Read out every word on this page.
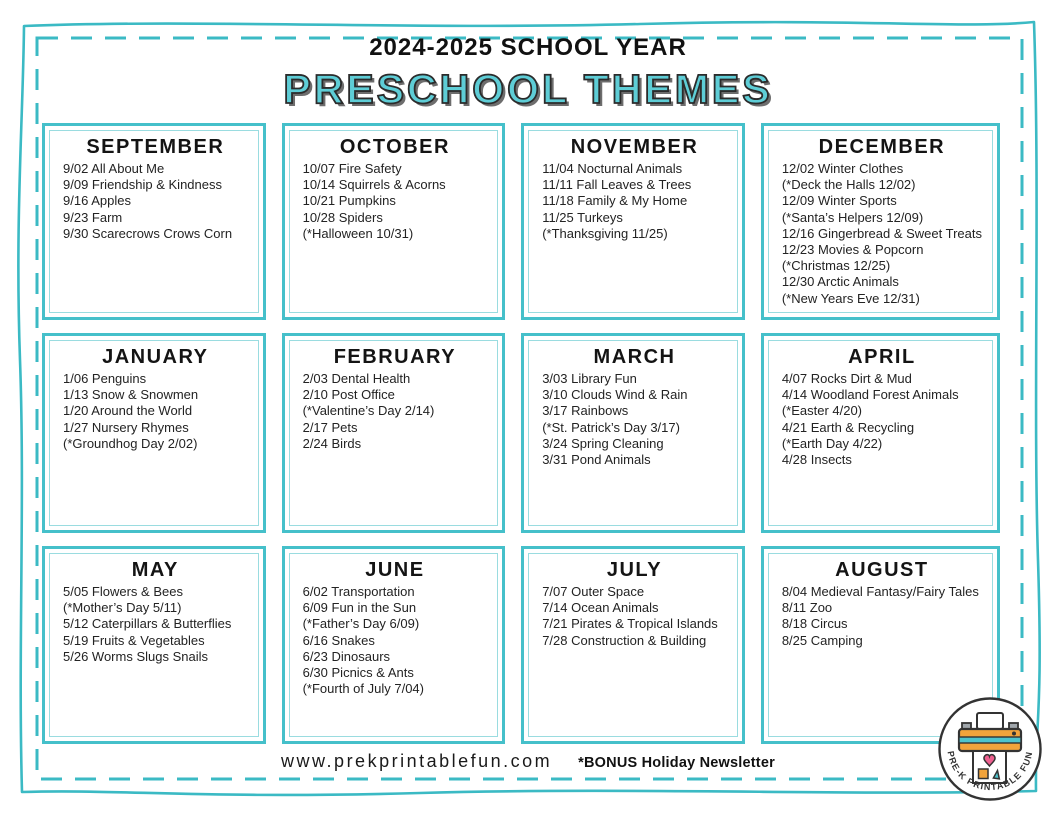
2024-2025 SCHOOL YEAR
PRESCHOOL THEMES
SEPTEMBER
9/02 All About Me
9/09 Friendship & Kindness
9/16 Apples
9/23 Farm
9/30 Scarecrows Crows Corn
OCTOBER
10/07 Fire Safety
10/14 Squirrels & Acorns
10/21 Pumpkins
10/28 Spiders
(*Halloween 10/31)
NOVEMBER
11/04 Nocturnal Animals
11/11 Fall Leaves & Trees
11/18 Family & My Home
11/25 Turkeys
(*Thanksgiving 11/25)
DECEMBER
12/02 Winter Clothes
(*Deck the Halls 12/02)
12/09 Winter Sports
(*Santa’s Helpers 12/09)
12/16 Gingerbread & Sweet Treats
12/23 Movies & Popcorn
(*Christmas 12/25)
12/30 Arctic Animals
(*New Years Eve 12/31)
JANUARY
1/06 Penguins
1/13 Snow & Snowmen
1/20 Around the World
1/27 Nursery Rhymes
(*Groundhog Day 2/02)
FEBRUARY
2/03 Dental Health
2/10 Post Office
(*Valentine’s Day 2/14)
2/17 Pets
2/24 Birds
MARCH
3/03 Library Fun
3/10 Clouds Wind & Rain
3/17 Rainbows
(*St. Patrick’s Day 3/17)
3/24 Spring Cleaning
3/31 Pond Animals
APRIL
4/07 Rocks Dirt & Mud
4/14 Woodland Forest Animals
(*Easter 4/20)
4/21 Earth & Recycling
(*Earth Day 4/22)
4/28 Insects
MAY
5/05 Flowers & Bees
(*Mother’s Day 5/11)
5/12 Caterpillars & Butterflies
5/19 Fruits & Vegetables
5/26 Worms Slugs Snails
JUNE
6/02 Transportation
6/09 Fun in the Sun
(*Father’s Day 6/09)
6/16 Snakes
6/23 Dinosaurs
6/30 Picnics & Ants
(*Fourth of July 7/04)
JULY
7/07 Outer Space
7/14 Ocean Animals
7/21 Pirates & Tropical Islands
7/28 Construction & Building
AUGUST
8/04 Medieval Fantasy/Fairy Tales
8/11 Zoo
8/18 Circus
8/25 Camping
www.prekprintablefun.com *BONUS Holiday Newsletter
PRE-K PRINTABLE FUN
